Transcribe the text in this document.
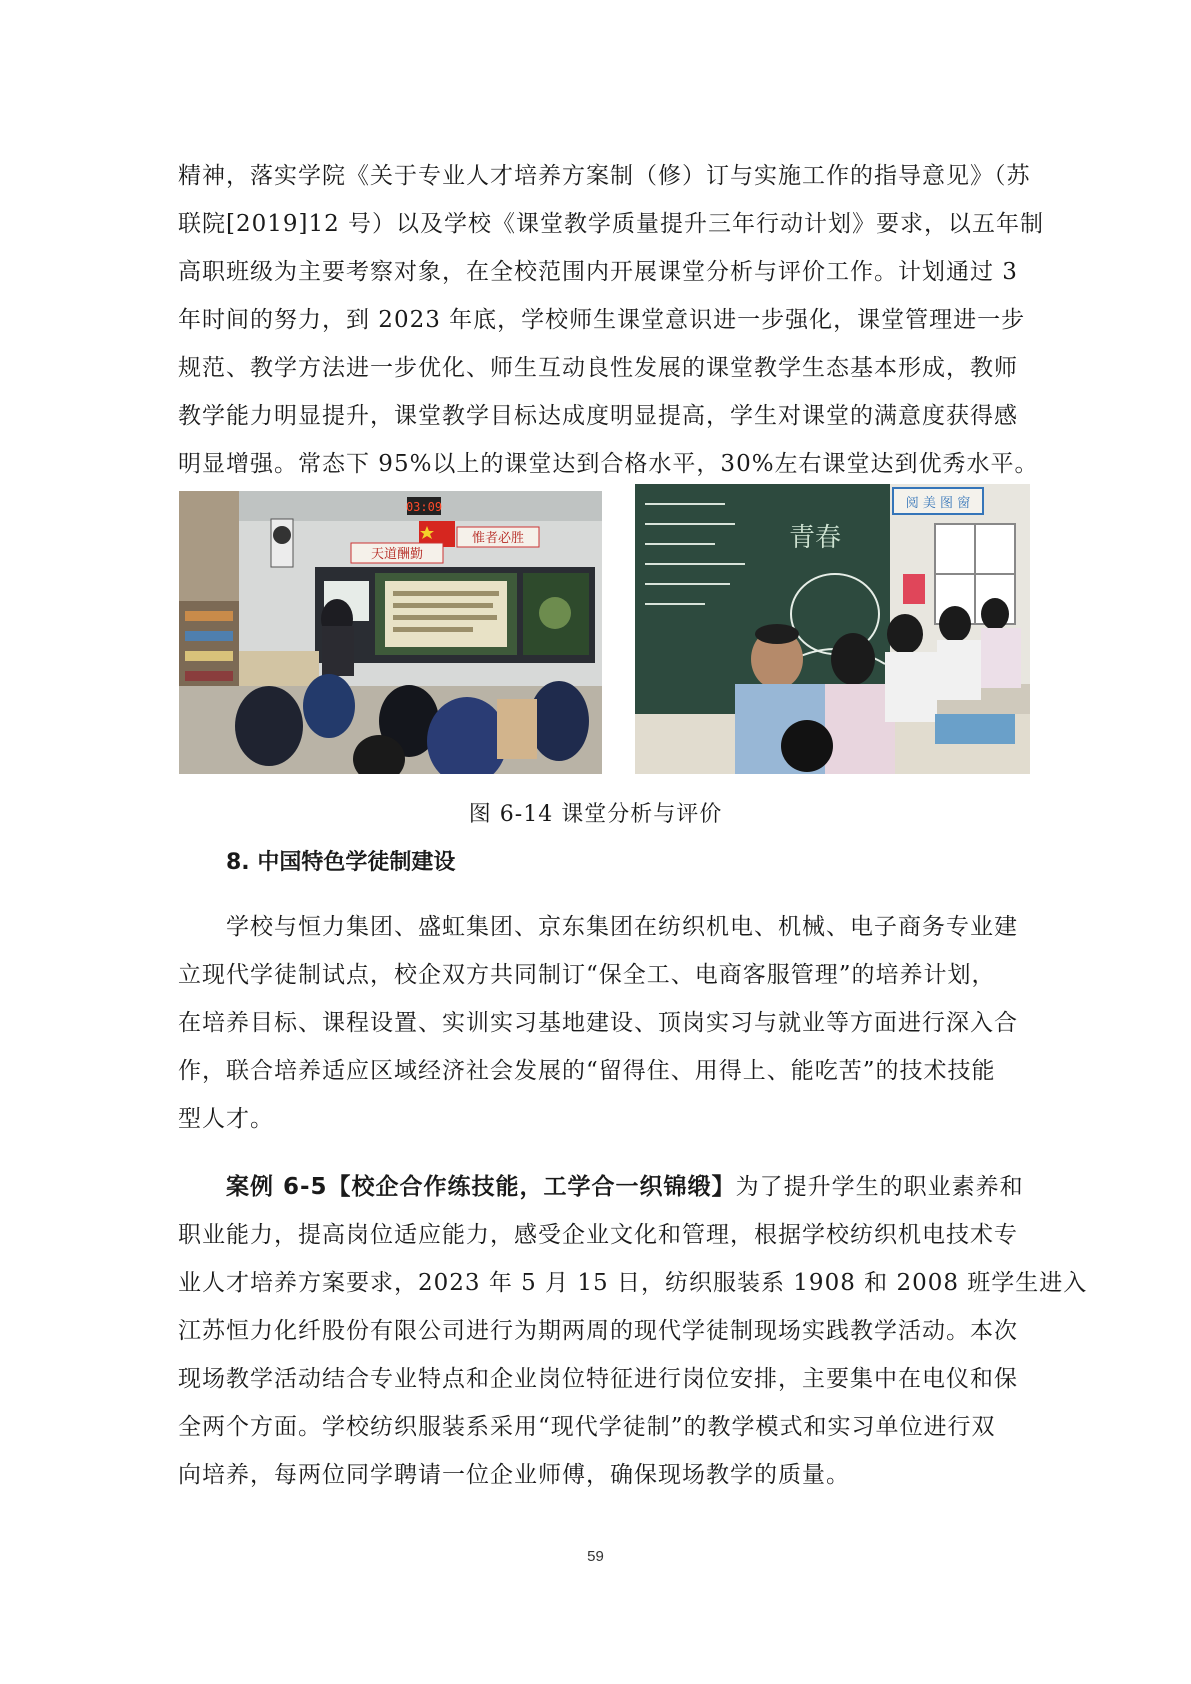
精神，落实学院《关于专业人才培养方案制（修）订与实施工作的指导意见》（苏
联院[2019]12 号）以及学校《课堂教学质量提升三年行动计划》要求，以五年制
高职班级为主要考察对象，在全校范围内开展课堂分析与评价工作。计划通过 3
年时间的努力，到 2023 年底，学校师生课堂意识进一步强化，课堂管理进一步
规范、教学方法进一步优化、师生互动良性发展的课堂教学生态基本形成，教师
教学能力明显提升，课堂教学目标达成度明显提高，学生对课堂的满意度获得感
明显增强。常态下 95%以上的课堂达到合格水平，30%左右课堂达到优秀水平。

03:09
天道酬勤
惟者必胜	青春
阅 美 图 窗
图 6-14 课堂分析与评价
8. 中国特色学徒制建设

学校与恒力集团、盛虹集团、京东集团在纺织机电、机械、电子商务专业建
立现代学徒制试点，校企双方共同制订“保全工、电商客服管理”的培养计划，
在培养目标、课程设置、实训实习基地建设、顶岗实习与就业等方面进行深入合
作，联合培养适应区域经济社会发展的“留得住、用得上、能吃苦”的技术技能
型人才。

案例 6-5【校企合作练技能，工学合一织锦缎】为了提升学生的职业素养和
职业能力，提高岗位适应能力，感受企业文化和管理，根据学校纺织机电技术专
业人才培养方案要求，2023 年 5 月 15 日，纺织服装系 1908 和 2008 班学生进入
江苏恒力化纤股份有限公司进行为期两周的现代学徒制现场实践教学活动。本次
现场教学活动结合专业特点和企业岗位特征进行岗位安排，主要集中在电仪和保
全两个方面。学校纺织服装系采用“现代学徒制”的教学模式和实习单位进行双
向培养，每两位同学聘请一位企业师傅，确保现场教学的质量。

59
